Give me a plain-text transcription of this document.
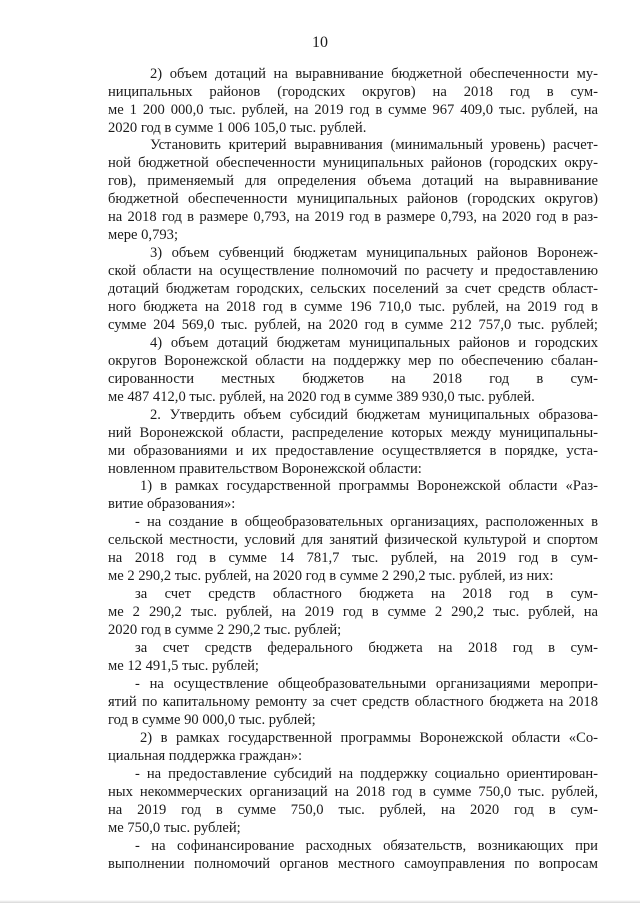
10
2) объем дотаций на выравнивание бюджетной обеспеченности му-
ниципальных районов (городских округов) на 2018 год в сум-
ме 1 200 000,0 тыс. рублей, на 2019 год в сумме 967 409,0 тыс. рублей, на
2020 год в сумме 1 006 105,0 тыс. рублей.
Установить критерий выравнивания (минимальный уровень) расчет-
ной бюджетной обеспеченности муниципальных районов (городских окру-
гов), применяемый для определения объема дотаций на выравнивание
бюджетной обеспеченности муниципальных районов (городских округов)
на 2018 год в размере 0,793, на 2019 год в размере 0,793, на 2020 год в раз-
мере 0,793;
3) объем субвенций бюджетам муниципальных районов Воронеж-
ской области на осуществление полномочий по расчету и предоставлению
дотаций бюджетам городских, сельских поселений за счет средств област-
ного бюджета на 2018 год в сумме 196 710,0 тыс. рублей, на 2019 год в
сумме 204 569,0 тыс. рублей, на 2020 год в сумме 212 757,0 тыс. рублей;
4) объем дотаций бюджетам муниципальных районов и городских
округов Воронежской области на поддержку мер по обеспечению сбалан-
сированности местных бюджетов на 2018 год в сум-
ме 487 412,0 тыс. рублей, на 2020 год в сумме 389 930,0 тыс. рублей.
2. Утвердить объем субсидий бюджетам муниципальных образова-
ний Воронежской области, распределение которых между муниципальны-
ми образованиями и их предоставление осуществляется в порядке, уста-
новленном правительством Воронежской области:
1) в рамках государственной программы Воронежской области «Раз-
витие образования»:
- на создание в общеобразовательных организациях, расположенных в
сельской местности, условий для занятий физической культурой и спортом
на 2018 год в сумме 14 781,7 тыс. рублей, на 2019 год в сум-
ме 2 290,2 тыс. рублей, на 2020 год в сумме 2 290,2 тыс. рублей, из них:
за счет средств областного бюджета на 2018 год в сум-
ме 2 290,2 тыс. рублей, на 2019 год в сумме 2 290,2 тыс. рублей, на
2020 год в сумме 2 290,2 тыс. рублей;
за счет средств федерального бюджета на 2018 год в сум-
ме 12 491,5 тыс. рублей;
- на осуществление общеобразовательными организациями меропри-
ятий по капитальному ремонту за счет средств областного бюджета на 2018
год в сумме 90 000,0 тыс. рублей;
2) в рамках государственной программы Воронежской области «Со-
циальная поддержка граждан»:
- на предоставление субсидий на поддержку социально ориентирован-
ных некоммерческих организаций на 2018 год в сумме 750,0 тыс. рублей,
на 2019 год в сумме 750,0 тыс. рублей, на 2020 год в сум-
ме 750,0 тыс. рублей;
- на софинансирование расходных обязательств, возникающих при
выполнении полномочий органов местного самоуправления по вопросам
